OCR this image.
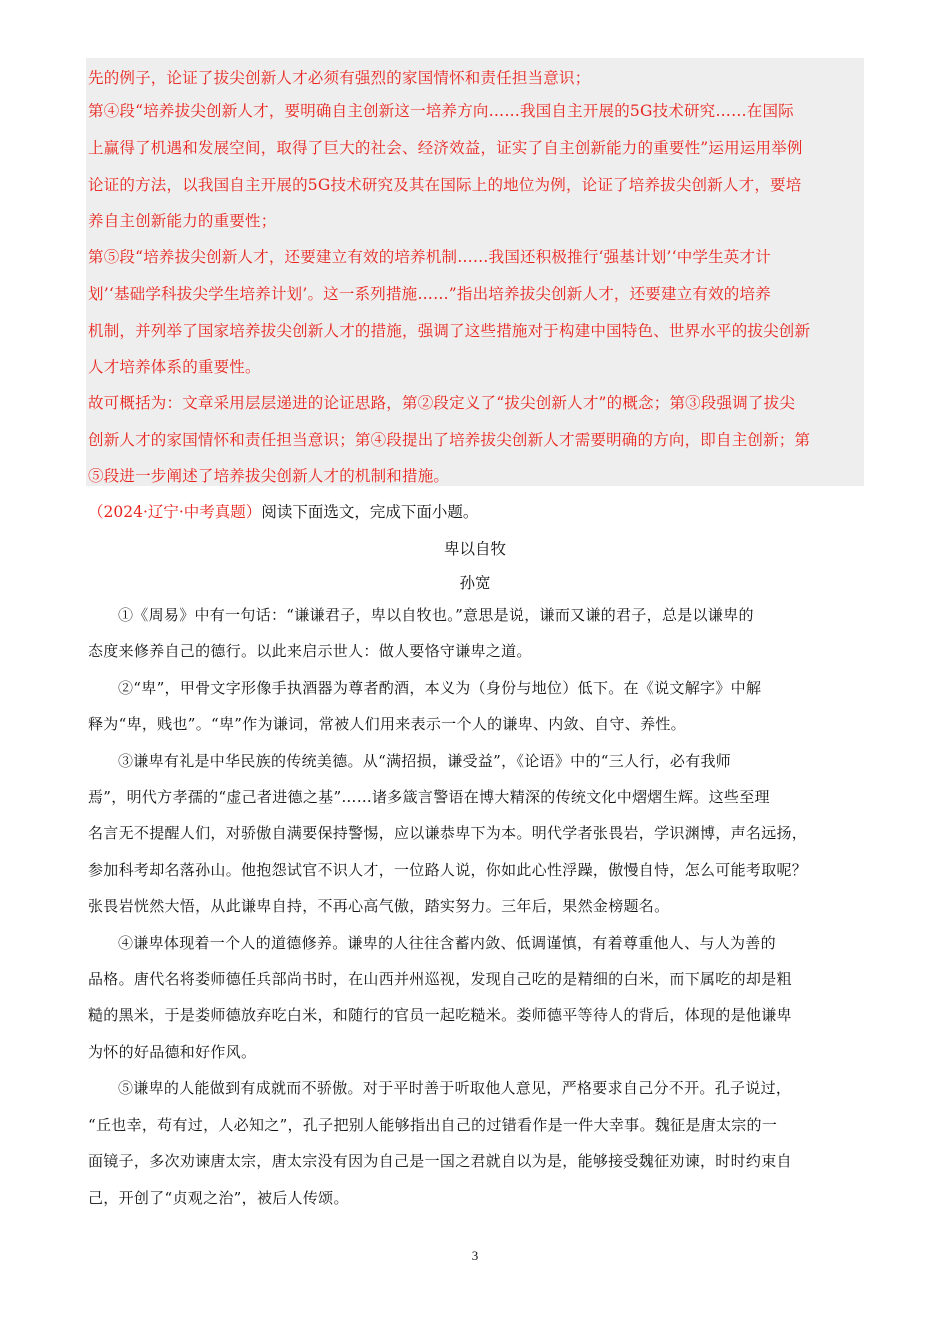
先的例子，论证了拔尖创新人才必须有强烈的家国情怀和责任担当意识；
第④段“培养拔尖创新人才，要明确自主创新这一培养方向……我国自主开展的5G技术研究……在国际
上赢得了机遇和发展空间，取得了巨大的社会、经济效益，证实了自主创新能力的重要性”运用运用举例
论证的方法，以我国自主开展的5G技术研究及其在国际上的地位为例，论证了培养拔尖创新人才，要培
养自主创新能力的重要性；
第⑤段“培养拔尖创新人才，还要建立有效的培养机制……我国还积极推行‘强基计划’‘中学生英才计
划’‘基础学科拔尖学生培养计划’。这一系列措施……”指出培养拔尖创新人才，还要建立有效的培养
机制，并列举了国家培养拔尖创新人才的措施，强调了这些措施对于构建中国特色、世界水平的拔尖创新
人才培养体系的重要性。
故可概括为：文章采用层层递进的论证思路，第②段定义了“拔尖创新人才”的概念；第③段强调了拔尖
创新人才的家国情怀和责任担当意识；第④段提出了培养拔尖创新人才需要明确的方向，即自主创新；第
⑤段进一步阐述了培养拔尖创新人才的机制和措施。
（2024·辽宁·中考真题）阅读下面选文，完成下面小题。
卑以自牧
孙宽
①《周易》中有一句话：“谦谦君子，卑以自牧也。”意思是说，谦而又谦的君子，总是以谦卑的
态度来修养自己的德行。以此来启示世人：做人要恪守谦卑之道。
②“卑”，甲骨文字形像手执酒器为尊者酌酒，本义为（身份与地位）低下。在《说文解字》中解
释为“卑，贱也”。“卑”作为谦词，常被人们用来表示一个人的谦卑、内敛、自守、养性。
③谦卑有礼是中华民族的传统美德。从“满招损，谦受益”，《论语》中的“三人行，必有我师
焉”，明代方孝孺的“虚己者进德之基”……诸多箴言警语在博大精深的传统文化中熠熠生辉。这些至理
名言无不提醒人们，对骄傲自满要保持警惕，应以谦恭卑下为本。明代学者张畏岩，学识渊博，声名远扬，
参加科考却名落孙山。他抱怨试官不识人才，一位路人说，你如此心性浮躁，傲慢自恃，怎么可能考取呢？
张畏岩恍然大悟，从此谦卑自持，不再心高气傲，踏实努力。三年后，果然金榜题名。
④谦卑体现着一个人的道德修养。谦卑的人往往含蓄内敛、低调谨慎，有着尊重他人、与人为善的
品格。唐代名将娄师德任兵部尚书时，在山西并州巡视，发现自己吃的是精细的白米，而下属吃的却是粗
糙的黑米，于是娄师德放弃吃白米，和随行的官员一起吃糙米。娄师德平等待人的背后，体现的是他谦卑
为怀的好品德和好作风。
⑤谦卑的人能做到有成就而不骄傲。对于平时善于听取他人意见，严格要求自己分不开。孔子说过，
“丘也幸，苟有过，人必知之”，孔子把别人能够指出自己的过错看作是一件大幸事。魏征是唐太宗的一
面镜子，多次劝谏唐太宗，唐太宗没有因为自己是一国之君就自以为是，能够接受魏征劝谏，时时约束自
己，开创了“贞观之治”，被后人传颂。
3
